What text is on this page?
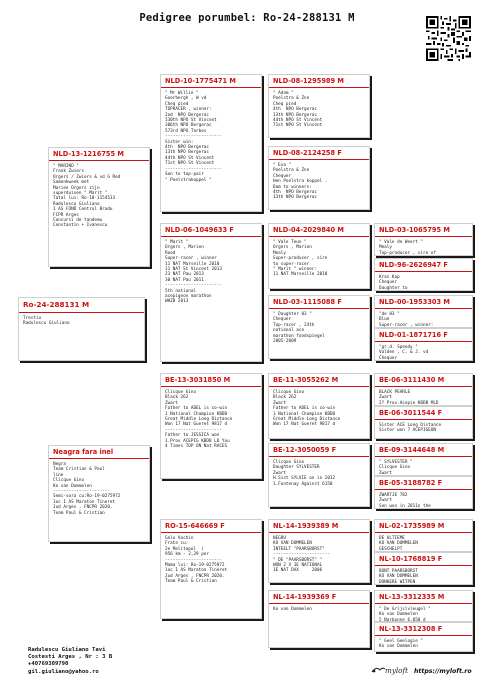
Pedigree porumbel: Ro-24-288131 M
Ro-24-288131 M
Trestiu
Radulescu Giuliano
NLD-13-1216755 M
" MARINO "
Frank Zwiers
Orgers / Zwiers & vd G Red
Samenkweek met
Marien Orgers zijn
superduiven " Marit "
Tatal lui: Ro-18-1154533
Radulescu Giuliano
1 AS FOND Centrul Bradu
FCPR Arges
Concursi de tandemu
Constantin + Ivanescu
Neagra fara inel
Negra
Team Cristian & Paul
line
Clicque Gino
Ko van Dommelen
----------------------
Semi-sora cu:Ro-19-0275972
1oc 1 AS Maraton Tineret
Jud Arges , FNCPR 2020.
Team Paul & Cristian
NLD-10-1775471 M
" Mr Willie "
Goorbergh , W vd
Cheq pied
TOPRACER , winner:
2nd  NPO Bergerac
130th NPO St Vincent
306th NPO Bergerac
573rd NPO Tarbes
----------------------
Sister win:
4th  NPO Bergerac
13th NPO Bergerac
44th NPO St Vincent
71st NPO St Vincent
----------------------
Son to top-pair
" Poelstrakoppel "
NLD-06-1049633 F
" Marit "
Orgers , Marien
Rood
Super-racer , winner
11 NAT Marseille 2010
11 NAT St Vincent 2013
23 NAT Pau 2013
30 NAT Pau 2011
----------------------
5th national
acepigeon marathon
WHZB 2013
BE-13-3031850 M
Clicque Gino
Black 262
Zwart
Father to ADEL is co-win
1 National Champion KBDB
Great Middle Long Distance
Won 17 Nat Gueret 9817 d
----------------------
Father to JESSICA won
1.Prov ACEPIG KBDB LD You
4 Times TOP ON Nat RACES
RO-15-646669 F
Gelu Vochin
Frate cu:
2e Melitopol  )
956 km - 2,29 per
----------------------
Mama lui: Ro-19-0275972
1oc 1 AS Maraton Tineret
Jud Arges , FNCPR 2020.
Team Paul & Cristian
NLD-08-1295989 M
" Adam "
Poelstra & Znn
Cheq pied
4th  NPO Bergerac
13th NPO Bergerac
44th NPO St Vincent
71st NPO St Vincent
NLD-08-2124258 F
" Eva "
Poelstra & Znn
Chequer
Hen Poelstra koppel .
Dam to winners:
4th  NPO Bergerac
13th NPO Bergerac
NLD-04-2029840 M
" Vale Teun "
Orgers , Marien
Mealy
Super-producer , sire
to super-racer
" Marit " winner:
11 NAT Marseille 2010
NLD-03-1115088 F
" Daughter 03 "
Chequer
Top-racer , 24th
national ace
marathon fondspiegel
2005-2009
BE-11-3055262 M
Clicque Gino
Black 262
Zwart
Father to ADEL is co-win
1 National Champion KBDB
Great Middle Long Distance
Won 17 Nat Gueret 9817 d
BE-12-3050059 F
Clicque Gino
Daughter SYLVESTER
Zwart
H.Sist SYLVIE on in 2012
1.Fontenay Against 6150
NL-14-1939389 M
NEGRU
KO VAN DOMMELEN
INTEELT "PAARSBORST"
----------------------
" DE "PAARSBORST" "
WON 2 X 1E NATIONAL
1E NAT DAX     2006
NL-14-1939369 F
Ko van Dommelen
NLD-03-1065795 M
" Vale de Weert "
Mealy
Top-producer , sire of
NLD-96-2626947 F
Kras Kap
Chequer
Daughter to
NLD-00-1953303 M
"de 03 "
Blue
Super-racer , winner:
NLD-01-1871716 F
"gr.d. Speedy "
Valden , C. & J. vd
Chequer
BE-06-3111430 M
BLACK PEARLE
Zwart
2? Prov.Acepie KBDB MLD
BE-06-3011544 F
Sister ACE Long Distance
Sister won 7 ACEPIGEON
BE-09-3144648 M
" SYLVESTER "
Clicque Gino
Zwart
BE-05-3188782 F
ZWARTJE 782
Zwart
Son won in 2011n the
NL-02-1735989 M
DE ULTIEME
KO VAN DOMMELEN
GESCHELPT
NL-10-1768819 F
BONT PAARSBORST
KO VAN DOMMELEN
DONKERE WITPEN
NL-13-3312335 M
" De Grijslvleugel "
Ko van Dommelen
5 Narbonne 6.050 d
NL-13-3312308 F
" Geel Geelogie "
Ko van Dommelen
Radulescu Giuliano Tavi
Costesti Arges , Nr : 3 B
+40769309790
gil.giuliano@yahoo.ro	myloft https://myloft.ro
